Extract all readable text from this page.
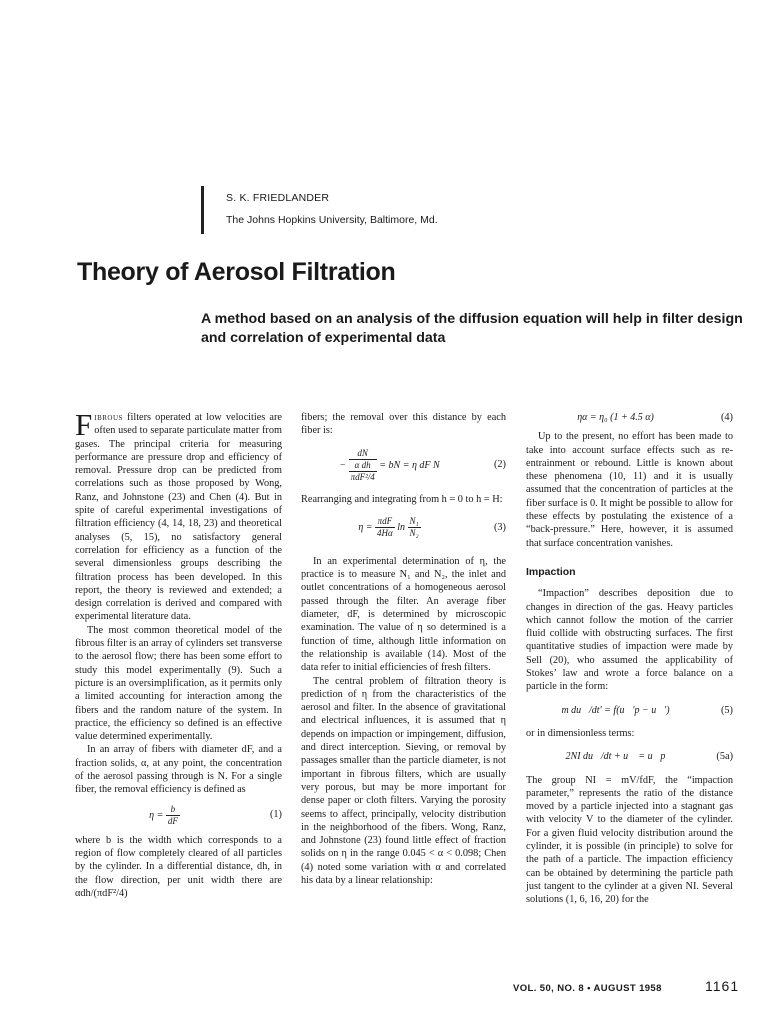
S. K. FRIEDLANDER
The Johns Hopkins University, Baltimore, Md.
Theory of Aerosol Filtration

A method based on an analysis of the diffusion equation will help in filter design and correlation of experimental data

Fibrous filters operated at low velocities are often used to separate particulate matter from gases. The principal criteria for measuring performance are pressure drop and efficiency of removal. Pressure drop can be predicted from correlations such as those proposed by Wong, Ranz, and Johnstone (23) and Chen (4). But in spite of careful experimental investigations of filtration efficiency (4, 14, 18, 23) and theoretical analyses (5, 15), no satisfactory general correlation for efficiency as a function of the several dimensionless groups describing the filtration process has been developed. In this report, the theory is reviewed and extended; a design correlation is derived and compared with experimental literature data.

The most common theoretical model of the fibrous filter is an array of cylinders set transverse to the aerosol flow; there has been some effort to study this model experimentally (9). Such a picture is an oversimplification, as it permits only a limited accounting for interaction among the fibers and the random nature of the system. In practice, the efficiency so defined is an effective value determined experimentally.

In an array of fibers with diameter dF, and a fraction solids, α, at any point, the concentration of the aerosol passing through is N. For a single fiber, the removal efficiency is defined as

$\eta = \frac{b}{dF}$	(1)

where b is the width which corresponds to a region of flow completely cleared of all particles by the cylinder. In a differential distance, dh, in the flow direction, per unit width there are αdh/(πdF²/4)

fibers; the removal over this distance by each fiber is:

−
dN
α dh
πdF²/4
= bN = η dF N	(2)

Rearranging and integrating from h = 0 to h = H:

$\eta = \frac{\text{πdF}}{4H\alpha}$ $\ln \frac{\text{N₁}}{\text{N₂}}$	(3)

In an experimental determination of η, the practice is to measure N₁ and N₂, the inlet and outlet concentrations of a homogeneous aerosol passed through the filter. An average fiber diameter, dF, is determined by microscopic examination. The value of η so determined is a function of time, although little information on the relationship is available (14). Most of the data refer to initial efficiencies of fresh filters.

The central problem of filtration theory is prediction of η from the characteristics of the aerosol and filter. In the absence of gravitational and electrical influences, it is assumed that η depends on impaction or impingement, diffusion, and direct interception. Sieving, or removal by passages smaller than the particle diameter, is not important in fibrous filters, which are usually very porous, but may be more important for dense paper or cloth filters. Varying the porosity seems to affect, principally, velocity distribution in the neighborhood of the fibers. Wong, Ranz, and Johnstone (23) found little effect of fraction solids on η in the range 0.045 < α < 0.098; Chen (4) noted some variation with α and correlated his data by a linear relationship:

ηα = η₀ (1 + 4.5 α)	(4)

Up to the present, no effort has been made to take into account surface effects such as re-entrainment or rebound. Little is known about these phenomena (10, 11) and it is usually assumed that the concentration of particles at the fiber surface is 0. It might be possible to allow for these effects by postulating the existence of a “back-pressure.” Here, however, it is assumed that surface concentration vanishes.

Impaction

“Impaction” describes deposition due to changes in direction of the gas. Heavy particles which cannot follow the motion of the carrier fluid collide with obstructing surfaces. The first quantitative studies of impaction were made by Sell (20), who assumed the applicability of Stokes’ law and wrote a force balance on a particle in the form:

m du⃗/dt′ = f(u⃗′p − u⃗′)	(5)

or in dimensionless terms:

2NI du⃗/dt + u⃗ = u⃗p	(5a)

The group NI = mV/fdF, the “impaction parameter,” represents the ratio of the distance moved by a particle injected into a stagnant gas with velocity V to the diameter of the cylinder. For a given fluid velocity distribution around the cylinder, it is possible (in principle) to solve for the path of a particle. The impaction efficiency can be obtained by determining the particle path just tangent to the cylinder at a given NI. Several solutions (1, 6, 16, 20) for the

VOL. 50, NO. 8 • AUGUST 1958	1161
